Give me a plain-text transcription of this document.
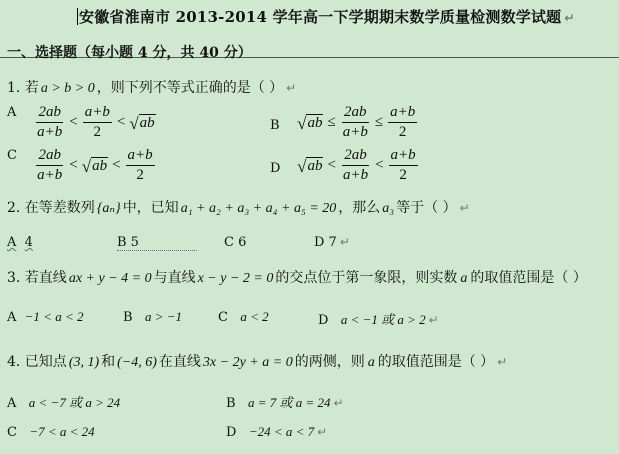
安徽省淮南市 2013-2014 学年高一下学期期末数学质量检测数学试题 ↵
一、选择题（每小题 4 分，共 40 分）
1. 若 a > b > 0 ，则下列不等式正确的是（ ） ↵
A $\frac{2ab}{a+b} < \frac{a+b}{2}$ < √ ab	B √ ab ≤ $\frac{2ab}{a+b} \le \frac{a+b}{2}$
C $\frac{2ab}{a+b}$ < √ ab < $\frac{a+b}{2}$	D √ ab < $\frac{2ab}{a+b} < \frac{a+b}{2}$
2. 在等差数列 {aₙ} 中，已知 a₁ + a₂ + a₃ + a₄ + a₅ = 20 ，那么 a₃ 等于（ ） ↵
A 4	B 5	C 6	D 7 ↵
3. 若直线 ax + y − 4 = 0 与直线 x − y − 2 = 0 的交点位于第一象限，则实数 a 的取值范围是（ ）
A  −1 < a < 2	B   a > −1	C   a < 2	D   a < −1 或 a > 2 ↵
4. 已知点 (3, 1) 和 (−4, 6) 在直线 3x − 2y + a = 0 的两侧，则 a 的取值范围是（ ） ↵
A   a < −7 或 a > 24	B   a = 7 或 a = 24 ↵
C   −7 < a < 24	D   −24 < a < 7 ↵
